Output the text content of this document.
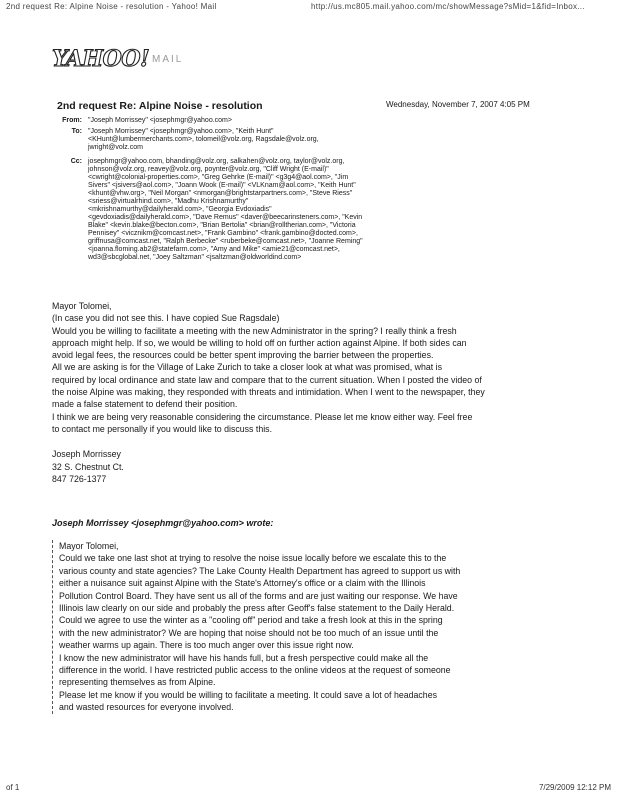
2nd request Re: Alpine Noise - resolution - Yahoo! Mail	http://us.mc805.mail.yahoo.com/mc/showMessage?sMid=1&fid=Inbox...
YAHOO! MAIL
2nd request Re: Alpine Noise - resolution	Wednesday, November 7, 2007 4:05 PM
From: "Joseph Morrissey" <josephmgr@yahoo.com>
To: "Joseph Morrissey" <josephmgr@yahoo.com>, "Keith Hunt"
<KHunt@lumbermerchants.com>, tolomeil@volz.org, Ragsdale@volz.org,
jwright@volz.com
Cc: josephmgr@yahoo.com, bhanding@volz.org, salkahen@volz.org, taylor@volz.org,
johnson@volz.org, reavey@volz.org, poynter@volz.org, "Cliff Wright (E-mail)"
<cwright@colonial-properties.com>, "Greg Gehrke (E-mail)" <g3g4@aol.com>, "Jim
Sivers" <jsivers@aol.com>, "Joann Wook (E-mail)" <VLKnam@aol.com>, "Keith Hunt"
<khunt@vhw.org>, "Neil Morgan" <nmorgan@brightstarpartners.com>, "Steve Riess"
<sriess@virtualrhind.com>, "Madhu Krishnamurthy"
<mkrishnamurthy@dailyherald.com>, "Georgia Evdoxiadis"
<gevdoxiadis@dailyherald.com>, "Dave Remus" <daver@beecarinsteners.com>, "Kevin
Blake" <kevin.blake@becton.com>, "Brian Bertolia" <brian@rolltherian.com>, "Victoria
Pennisey" <vicznikm@comcast.net>, "Frank Gambino" <frank.gambino@docted.com>,
griffnusa@comcast.net, "Ralph Berbecke" <ruberbeke@comcast.net>, "Joanne Reming"
<joanna.floming.ab2@statefarm.com>, "Amy and Mike" <amie21@comcast.net>,
wd3@sbcglobal.net, "Joey Saltzman" <jsaltzman@oldworldind.com>

Mayor Tolomei,

(In case you did not see this. I have copied Sue Ragsdale)

Would you be willing to facilitate a meeting with the new Administrator in the spring? I really think a fresh
approach might help. If so, we would be willing to hold off on further action against Alpine. If both sides can
avoid legal fees, the resources could be better spent improving the barrier between the properties.

All we are asking is for the Village of Lake Zurich to take a closer look at what was promised, what is
required by local ordinance and state law and compare that to the current situation. When I posted the video of
the noise Alpine was making, they responded with threats and intimidation. When I went to the newspaper, they
made a false statement to defend their position.

I think we are being very reasonable considering the circumstance. Please let me know either way. Feel free
to contact me personally if you would like to discuss this.

Joseph Morrissey
32 S. Chestnut Ct.
847 726-1377
Joseph Morrissey <josephmgr@yahoo.com> wrote:

Mayor Tolomei,

Could we take one last shot at trying to resolve the noise issue locally before we escalate this to the
various county and state agencies? The Lake County Health Department has agreed to support us with
either a nuisance suit against Alpine with the State's Attorney's office or a claim with the Illinois
Pollution Control Board. They have sent us all of the forms and are just waiting our response. We have
Illinois law clearly on our side and probably the press after Geoff's false statement to the Daily Herald.

Could we agree to use the winter as a "cooling off" period and take a fresh look at this in the spring
with the new administrator? We are hoping that noise should not be too much of an issue until the
weather warms up again. There is too much anger over this issue right now.

I know the new administrator will have his hands full, but a fresh perspective could make all the
difference in the world. I have restricted public access to the online videos at the request of someone
representing themselves as from Alpine.

Please let me know if you would be willing to facilitate a meeting. It could save a lot of headaches
and wasted resources for everyone involved.

of 1	7/29/2009 12:12 PM
